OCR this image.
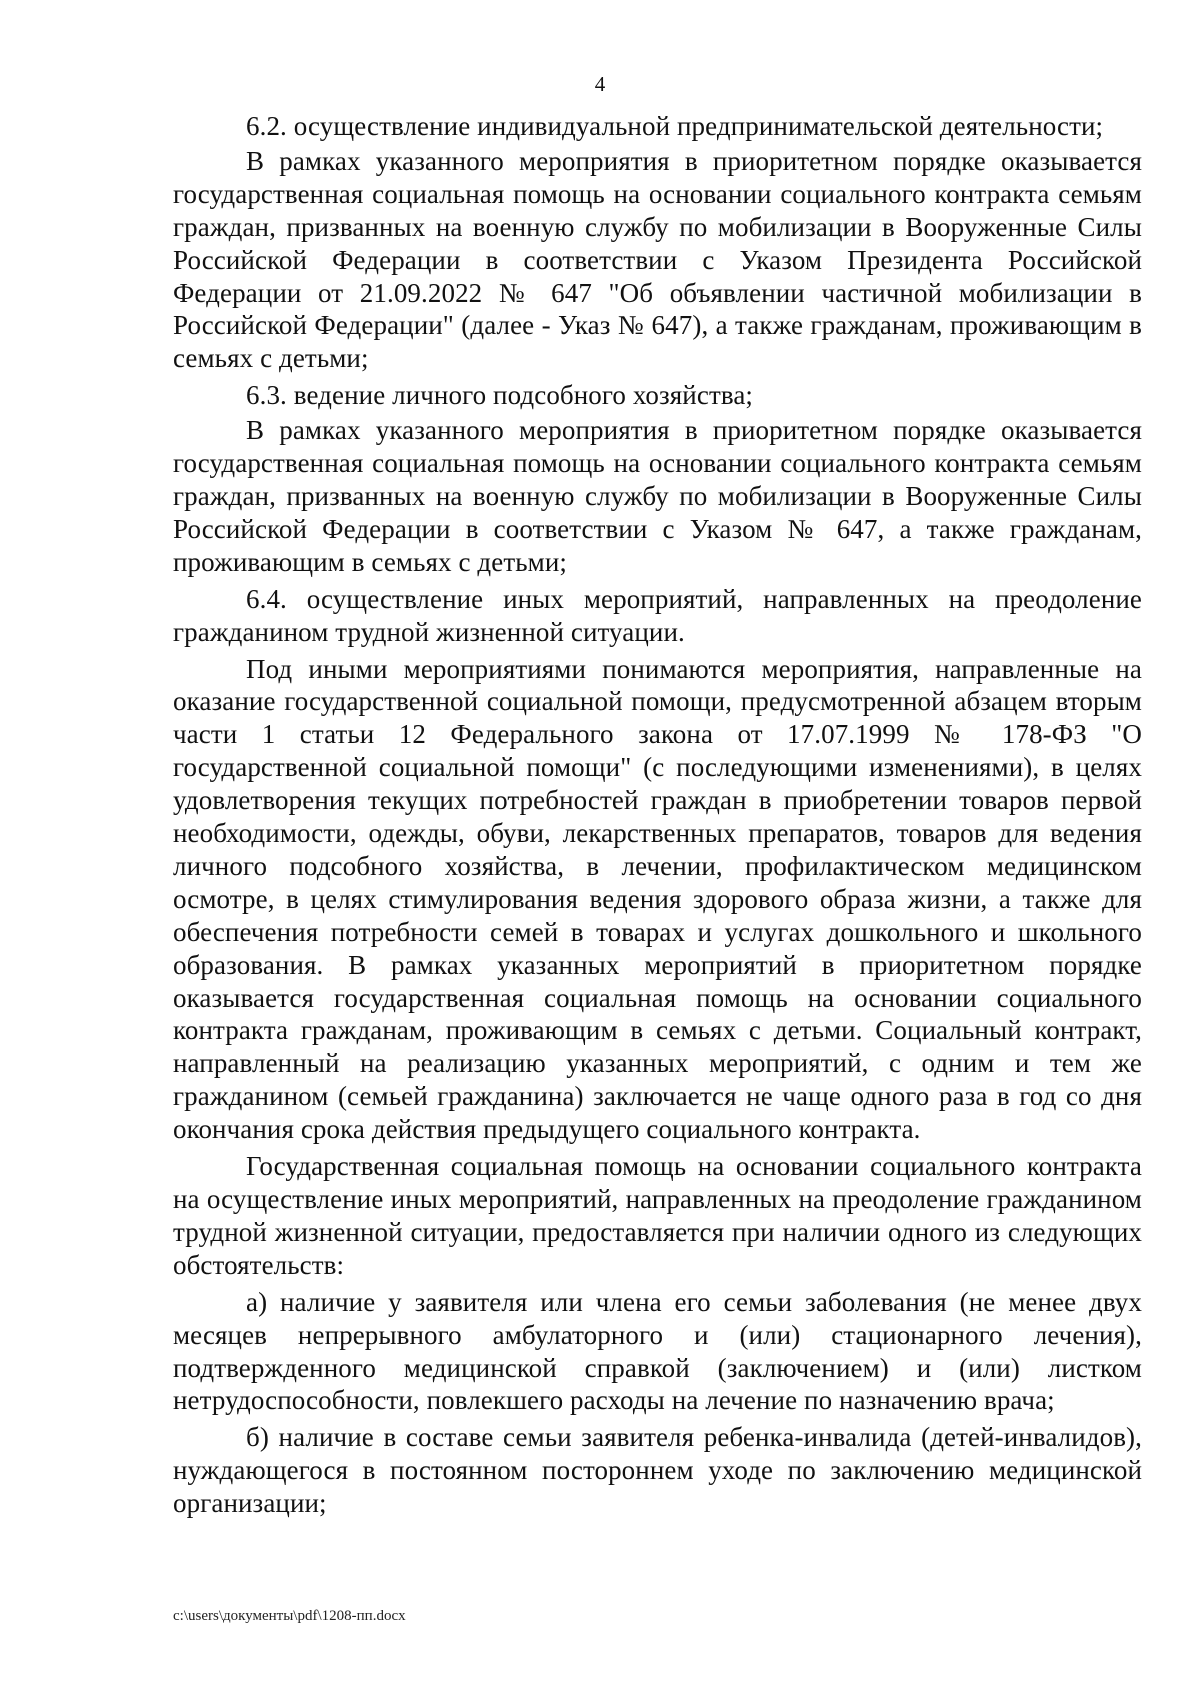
4

6.2. осуществление индивидуальной предпринимательской деятельности;

В рамках указанного мероприятия в приоритетном порядке оказывается государственная социальная помощь на основании социального контракта семьям граждан, призванных на военную службу по мобилизации в Вооруженные Силы Российской Федерации в соответствии с Указом Президента Российской Федерации от 21.09.2022 № 647 "Об объявлении частичной мобилизации в Российской Федерации" (далее - Указ № 647), а также гражданам, проживающим в семьях с детьми;

6.3. ведение личного подсобного хозяйства;

В рамках указанного мероприятия в приоритетном порядке оказывается государственная социальная помощь на основании социального контракта семьям граждан, призванных на военную службу по мобилизации в Вооруженные Силы Российской Федерации в соответствии с Указом № 647, а также гражданам, проживающим в семьях с детьми;

6.4. осуществление иных мероприятий, направленных на преодоление гражданином трудной жизненной ситуации.

Под иными мероприятиями понимаются мероприятия, направленные на оказание государственной социальной помощи, предусмотренной абзацем вторым части 1 статьи 12 Федерального закона от 17.07.1999 № 178-ФЗ "О государственной социальной помощи" (с последующими изменениями), в целях удовлетворения текущих потребностей граждан в приобретении товаров первой необходимости, одежды, обуви, лекарственных препаратов, товаров для ведения личного подсобного хозяйства, в лечении, профилактическом медицинском осмотре, в целях стимулирования ведения здорового образа жизни, а также для обеспечения потребности семей в товарах и услугах дошкольного и школьного образования. В рамках указанных мероприятий в приоритетном порядке оказывается государственная социальная помощь на основании социального контракта гражданам, проживающим в семьях с детьми. Социальный контракт, направленный на реализацию указанных мероприятий, с одним и тем же гражданином (семьей гражданина) заключается не чаще одного раза в год со дня окончания срока действия предыдущего социального контракта.

Государственная социальная помощь на основании социального контракта на осуществление иных мероприятий, направленных на преодоление гражданином трудной жизненной ситуации, предоставляется при наличии одного из следующих обстоятельств:

а) наличие у заявителя или члена его семьи заболевания (не менее двух месяцев непрерывного амбулаторного и (или) стационарного лечения), подтвержденного медицинской справкой (заключением) и (или) листком нетрудоспособности, повлекшего расходы на лечение по назначению врача;

б) наличие в составе семьи заявителя ребенка-инвалида (детей-инвалидов), нуждающегося в постоянном постороннем уходе по заключению медицинской организации;

c:\users\документы\pdf\1208-пп.docx
